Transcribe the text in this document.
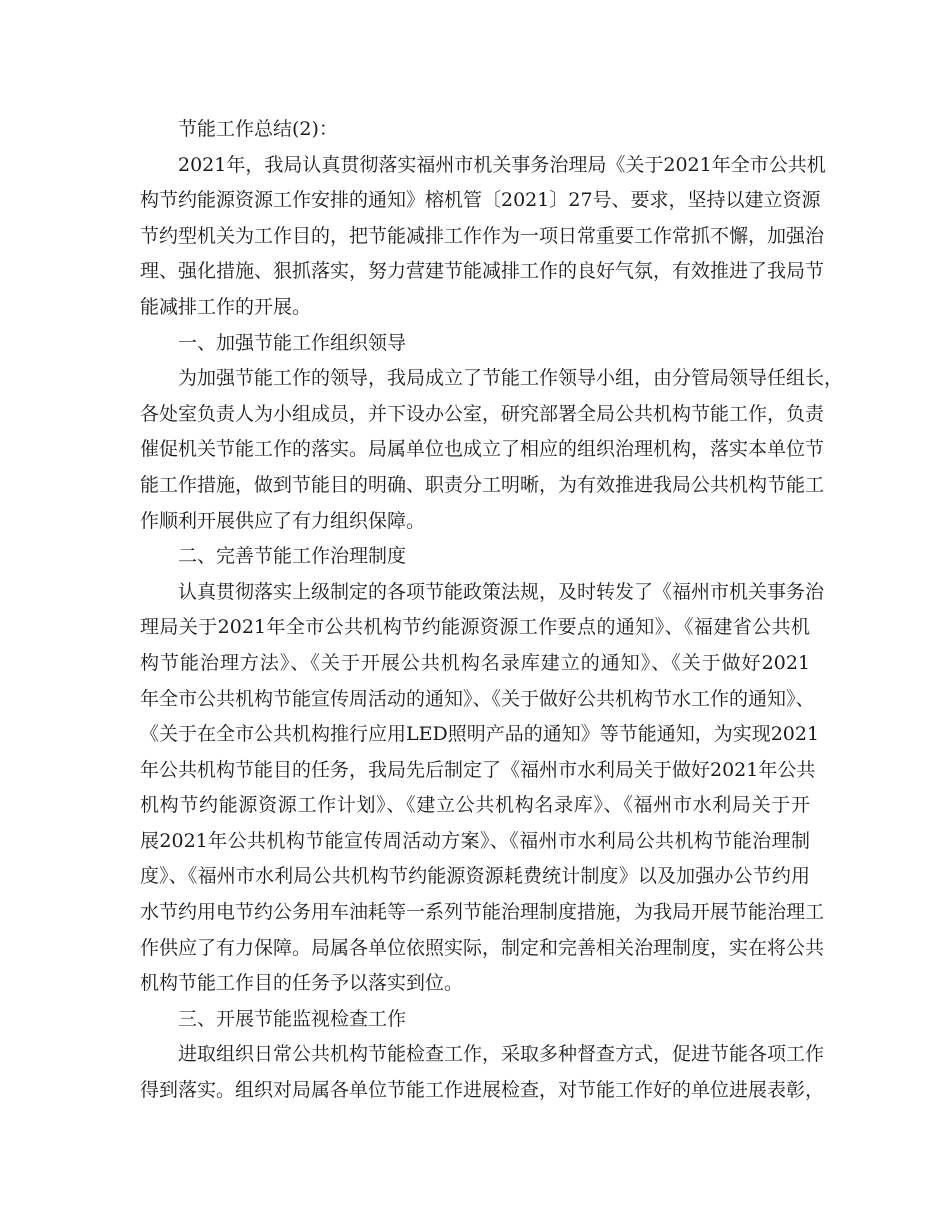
节能工作总结(2)：
2021年，我局认真贯彻落实福州市机关事务治理局《关于2021年全市公共机
构节约能源资源工作安排的通知》榕机管〔2021〕27号、要求，坚持以建立资源
节约型机关为工作目的，把节能减排工作作为一项日常重要工作常抓不懈，加强治
理、强化措施、狠抓落实，努力营建节能减排工作的良好气氛，有效推进了我局节
能减排工作的开展。
一、加强节能工作组织领导
为加强节能工作的领导，我局成立了节能工作领导小组，由分管局领导任组长，
各处室负责人为小组成员，并下设办公室，研究部署全局公共机构节能工作，负责
催促机关节能工作的落实。局属单位也成立了相应的组织治理机构，落实本单位节
能工作措施，做到节能目的明确、职责分工明晰，为有效推进我局公共机构节能工
作顺利开展供应了有力组织保障。
二、完善节能工作治理制度
认真贯彻落实上级制定的各项节能政策法规，及时转发了《福州市机关事务治
理局关于2021年全市公共机构节约能源资源工作要点的通知》、《福建省公共机
构节能治理方法》、《关于开展公共机构名录库建立的通知》、《关于做好2021
年全市公共机构节能宣传周活动的通知》、《关于做好公共机构节水工作的通知》、
《关于在全市公共机构推行应用LED照明产品的通知》等节能通知，为实现2021
年公共机构节能目的任务，我局先后制定了《福州市水利局关于做好2021年公共
机构节约能源资源工作计划》、《建立公共机构名录库》、《福州市水利局关于开
展2021年公共机构节能宣传周活动方案》、《福州市水利局公共机构节能治理制
度》、《福州市水利局公共机构节约能源资源耗费统计制度》以及加强办公节约用
水节约用电节约公务用车油耗等一系列节能治理制度措施，为我局开展节能治理工
作供应了有力保障。局属各单位依照实际，制定和完善相关治理制度，实在将公共
机构节能工作目的任务予以落实到位。
三、开展节能监视检查工作
进取组织日常公共机构节能检查工作，采取多种督查方式，促进节能各项工作
得到落实。组织对局属各单位节能工作进展检查，对节能工作好的单位进展表彰，
